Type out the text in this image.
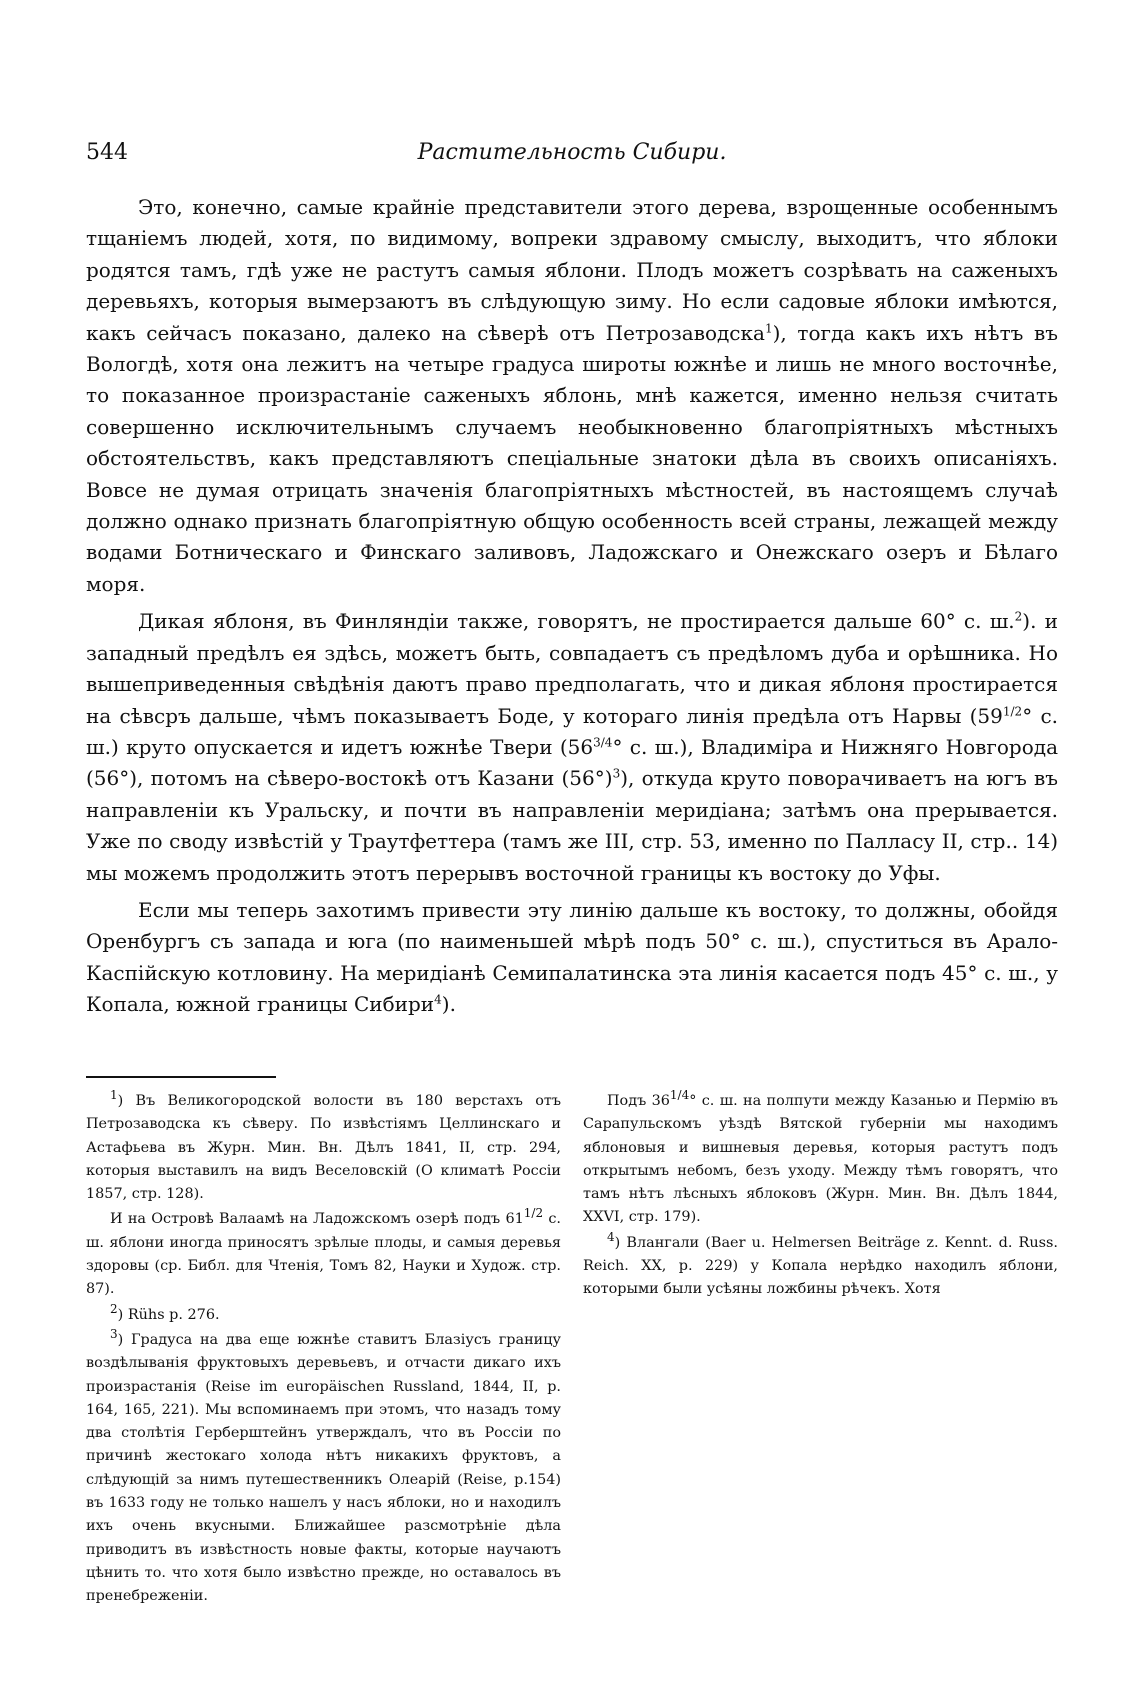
544	Растительность Сибири.

Это, конечно, самые крайніе представители этого дерева, взрощенные особеннымъ тщаніемъ людей, хотя, по видимому, вопреки здравому смыслу, выходитъ, что яблоки родятся тамъ, гдѣ уже не растутъ самыя яблони. Плодъ можетъ созрѣвать на саженыхъ деревьяхъ, которыя вымерзаютъ въ слѣдующую зиму. Но если садовые яблоки имѣются, какъ сейчасъ показано, далеко на сѣверѣ отъ Петрозаводска$^1$), тогда какъ ихъ нѣтъ въ Вологдѣ, хотя она лежитъ на четыре градуса широты южнѣе и лишь не много восточнѣе, то показанное произрастаніе саженыхъ яблонь, мнѣ кажется, именно нельзя считать совершенно исключительнымъ случаемъ необыкновенно благопріятныхъ мѣстныхъ обстоятельствъ, какъ представляютъ спеціальные знатоки дѣла въ своихъ описаніяхъ. Вовсе не думая отрицать значенія благопріятныхъ мѣстностей, въ настоящемъ случаѣ должно однако признать благопріятную общую особенность всей страны, лежащей между водами Ботническаго и Финскаго заливовъ, Ладожскаго и Онежскаго озеръ и Бѣлаго моря.

Дикая яблоня, въ Финляндіи также, говорятъ, не простирается дальше 60° с. ш.$^2$). и западный предѣлъ ея здѣсь, можетъ быть, совпадаетъ съ предѣломъ дуба и орѣшника. Но вышеприведенныя свѣдѣнія даютъ право предполагать, что и дикая яблоня простирается на сѣвсръ дальше, чѣмъ показываетъ Боде, у котораго линія предѣла отъ Нарвы ($59^{1/2}^\circ$ с. ш.) круто опускается и идетъ южнѣе Твери ($56^{3/4}^\circ$ с. ш.), Владиміра и Нижняго Новгорода (56°), потомъ на сѣверо-востокѣ отъ Казани $(56^\circ)^3$), откуда круто поворачиваетъ на югъ въ направленіи къ Уральску, и почти въ направленіи меридіана; затѣмъ она прерывается. Уже по своду извѣстій у Траутфеттера (тамъ же III, стр. 53, именно по Палласу II, стр.. 14) мы можемъ продолжить этотъ перерывъ восточной границы къ востоку до Уфы.

Если мы теперь захотимъ привести эту линію дальше къ востоку, то должны, обойдя Оренбургъ съ запада и юга (по наименьшей мѣрѣ подъ 50° с. ш.), спуститься въ Арало-Каспійскую котловину. На меридіанѣ Семипалатинска эта линія касается подъ 45° с. ш., у Копала, южной границы Сибири$^4$).

$^1$) Въ Великогородской волости въ 180 верстахъ отъ Петрозаводска къ сѣверу. По извѣстіямъ Целлинскаго и Астафьева въ Журн. Мин. Вн. Дѣлъ 1841, II, стр. 294, которыя выставилъ на видъ Веселовскій (О климатѣ Россіи 1857, стр. 128).

И на Островѣ Валаамѣ на Ладожскомъ озерѣ подъ $61^{1/2}$ с. ш. яблони иногда приносятъ зрѣлые плоды, и самыя деревья здоровы (ср. Библ. для Чтенія, Томъ 82, Науки и Худож. стр. 87).

$^2$) Rühs p. 276.

$^3$) Градуса на два еще южнѣе ставитъ Блазіусъ границу воздѣлыванія фруктовыхъ деревьевъ, и отчасти дикаго ихъ произрастанія (Reise im europäischen Russland, 1844, II, p. 164, 165, 221). Мы вспоминаемъ при этомъ, что назадъ тому два столѣтія Герберштейнъ утверждалъ, что въ Россіи по причинѣ жестокаго холода нѣтъ никакихъ фруктовъ, а слѣдующій за нимъ путешественникъ Олеарій (Reise, p.154) въ 1633 году не только нашелъ у насъ яблоки, но и находилъ ихъ очень вкусными. Ближайшее разсмотрѣніе дѣла приводитъ въ извѣстность новые факты, которые научаютъ цѣнить то. что хотя было извѣстно прежде, но оставалось въ пренебреженіи.

Подъ $36^{1/4}^\circ$ с. ш. на полпути между Казанью и Пермію въ Сарапульскомъ уѣздѣ Вятской губерніи мы находимъ яблоновыя и вишневыя деревья, которыя растутъ подъ открытымъ небомъ, безъ уходу. Между тѣмъ говорятъ, что тамъ нѣтъ лѣсныхъ яблоковъ (Журн. Мин. Вн. Дѣлъ 1844, XXVI, стр. 179).

$^4$) Влангали (Baer u. Helmersen Beiträge z. Kennt. d. Russ. Reich. XX, p. 229) у Копала нерѣдко находилъ яблони, которыми были усѣяны ложбины рѣчекъ. Хотя
